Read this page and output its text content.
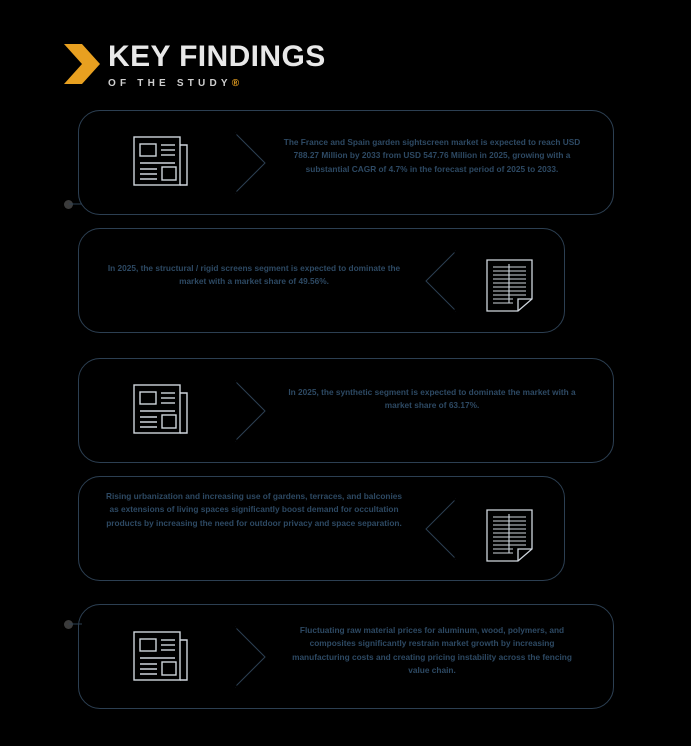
KEY FINDINGS
OF THE STUDY®
The France and Spain garden sightscreen market is expected to reach USD 788.27 Million by 2033 from USD 547.76 Million in 2025, growing with a substantial CAGR of 4.7% in the forecast period of 2025 to 2033.
In 2025, the structural / rigid screens segment is expected to dominate the market with a market share of 49.56%.
In 2025, the synthetic segment is expected to dominate the market with a market share of 63.17%.
Rising urbanization and increasing use of gardens, terraces, and balconies as extensions of living spaces significantly boost demand for occultation products by increasing the need for outdoor privacy and space separation.
Fluctuating raw material prices for aluminum, wood, polymers, and composites significantly restrain market growth by increasing manufacturing costs and creating pricing instability across the fencing value chain.
